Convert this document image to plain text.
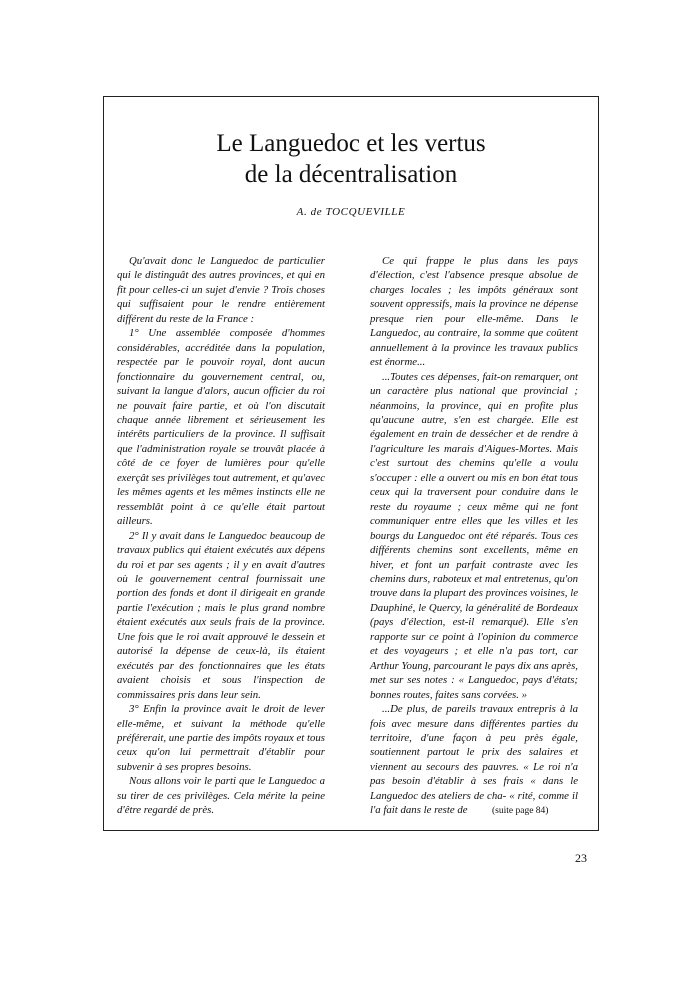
Le Languedoc et les vertus
de la décentralisation
A. de TOCQUEVILLE

Qu'avait donc le Languedoc de particulier qui le distinguât des autres provinces, et qui en fît pour celles-ci un sujet d'envie ? Trois choses qui suffisaient pour le rendre entièrement différent du reste de la France :

1° Une assemblée composée d'hommes considérables, accréditée dans la population, respectée par le pouvoir royal, dont aucun fonctionnaire du gouvernement central, ou, suivant la langue d'alors, aucun officier du roi ne pouvait faire partie, et où l'on discutait chaque année librement et sérieusement les intérêts particuliers de la province. Il suffisait que l'administration royale se trouvât placée à côté de ce foyer de lumières pour qu'elle exerçât ses privilèges tout autrement, et qu'avec les mêmes agents et les mêmes instincts elle ne ressemblât point à ce qu'elle était partout ailleurs.

2° Il y avait dans le Languedoc beaucoup de travaux publics qui étaient exécutés aux dépens du roi et par ses agents ; il y en avait d'autres où le gouvernement central fournissait une portion des fonds et dont il dirigeait en grande partie l'exécution ; mais le plus grand nombre étaient exécutés aux seuls frais de la province. Une fois que le roi avait approuvé le dessein et autorisé la dépense de ceux-là, ils étaient exécutés par des fonctionnaires que les états avaient choisis et sous l'inspection de commissaires pris dans leur sein.

3° Enfin la province avait le droit de lever elle-même, et suivant la méthode qu'elle préférerait, une partie des impôts royaux et tous ceux qu'on lui permettrait d'établir pour subvenir à ses propres besoins.

Nous allons voir le parti que le Languedoc a su tirer de ces privilèges. Cela mérite la peine d'être regardé de près.

Ce qui frappe le plus dans les pays d'élection, c'est l'absence presque absolue de charges locales ; les impôts généraux sont souvent oppressifs, mais la province ne dépense presque rien pour elle-même. Dans le Languedoc, au contraire, la somme que coûtent annuellement à la province les travaux publics est énorme...

...Toutes ces dépenses, fait-on remarquer, ont un caractère plus national que provincial ; néanmoins, la province, qui en profite plus qu'aucune autre, s'en est chargée. Elle est également en train de dessécher et de rendre à l'agriculture les marais d'Aigues-Mortes. Mais c'est surtout des chemins qu'elle a voulu s'occuper : elle a ouvert ou mis en bon état tous ceux qui la traversent pour conduire dans le reste du royaume ; ceux même qui ne font communiquer entre elles que les villes et les bourgs du Languedoc ont été réparés. Tous ces différents chemins sont excellents, même en hiver, et font un parfait contraste avec les chemins durs, raboteux et mal entretenus, qu'on trouve dans la plupart des provinces voisines, le Dauphiné, le Quercy, la généralité de Bordeaux (pays d'élection, est-il remarqué). Elle s'en rapporte sur ce point à l'opinion du commerce et des voyageurs ; et elle n'a pas tort, car Arthur Young, parcourant le pays dix ans après, met sur ses notes : « Languedoc, pays d'états; bonnes routes, faites sans corvées. »

...De plus, de pareils travaux entrepris à la fois avec mesure dans différentes parties du territoire, d'une façon à peu près égale, soutiennent partout le prix des salaires et viennent au secours des pauvres. « Le roi n'a pas besoin d'établir à ses frais « dans le Languedoc des ateliers de cha- « rité, comme il l'a fait dans le reste de	(suite page 84)
23
